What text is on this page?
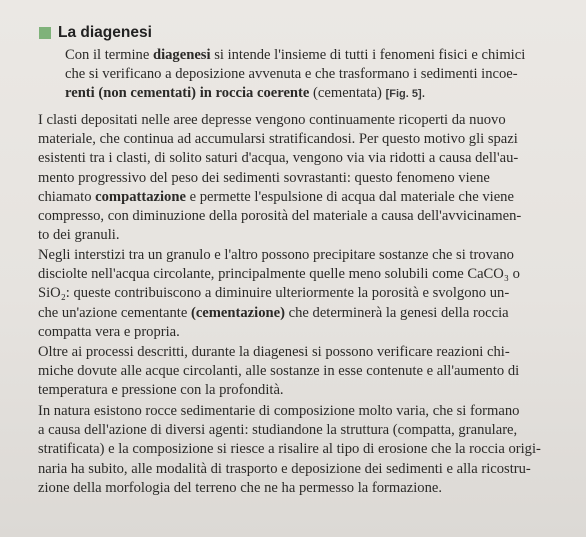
La diagenesi
Con il termine diagenesi si intende l'insieme di tutti i fenomeni fisici e chimici
che si verificano a deposizione avvenuta e che trasformano i sedimenti incoe-
renti (non cementati) in roccia coerente (cementata) [Fig. 5].
I clasti depositati nelle aree depresse vengono continuamente ricoperti da nuovo
materiale, che continua ad accumularsi stratificandosi. Per questo motivo gli spazi
esistenti tra i clasti, di solito saturi d'acqua, vengono via via ridotti a causa dell'au-
mento progressivo del peso dei sedimenti sovrastanti: questo fenomeno viene
chiamato compattazione e permette l'espulsione di acqua dal materiale che viene
compresso, con diminuzione della porosità del materiale a causa dell'avvicinamen-
to dei granuli.
Negli interstizi tra un granulo e l'altro possono precipitare sostanze che si trovano
disciolte nell'acqua circolante, principalmente quelle meno solubili come CaCO₃ o
SiO₂: queste contribuiscono a diminuire ulteriormente la porosità e svolgono un-
che un'azione cementante (cementazione) che determinerà la genesi della roccia
compatta vera e propria.
Oltre ai processi descritti, durante la diagenesi si possono verificare reazioni chi-
miche dovute alle acque circolanti, alle sostanze in esse contenute e all'aumento di
temperatura e pressione con la profondità.
In natura esistono rocce sedimentarie di composizione molto varia, che si formano
a causa dell'azione di diversi agenti: studiandone la struttura (compatta, granulare,
stratificata) e la composizione si riesce a risalire al tipo di erosione che la roccia origi-
naria ha subito, alle modalità di trasporto e deposizione dei sedimenti e alla ricostru-
zione della morfologia del terreno che ne ha permesso la formazione.
